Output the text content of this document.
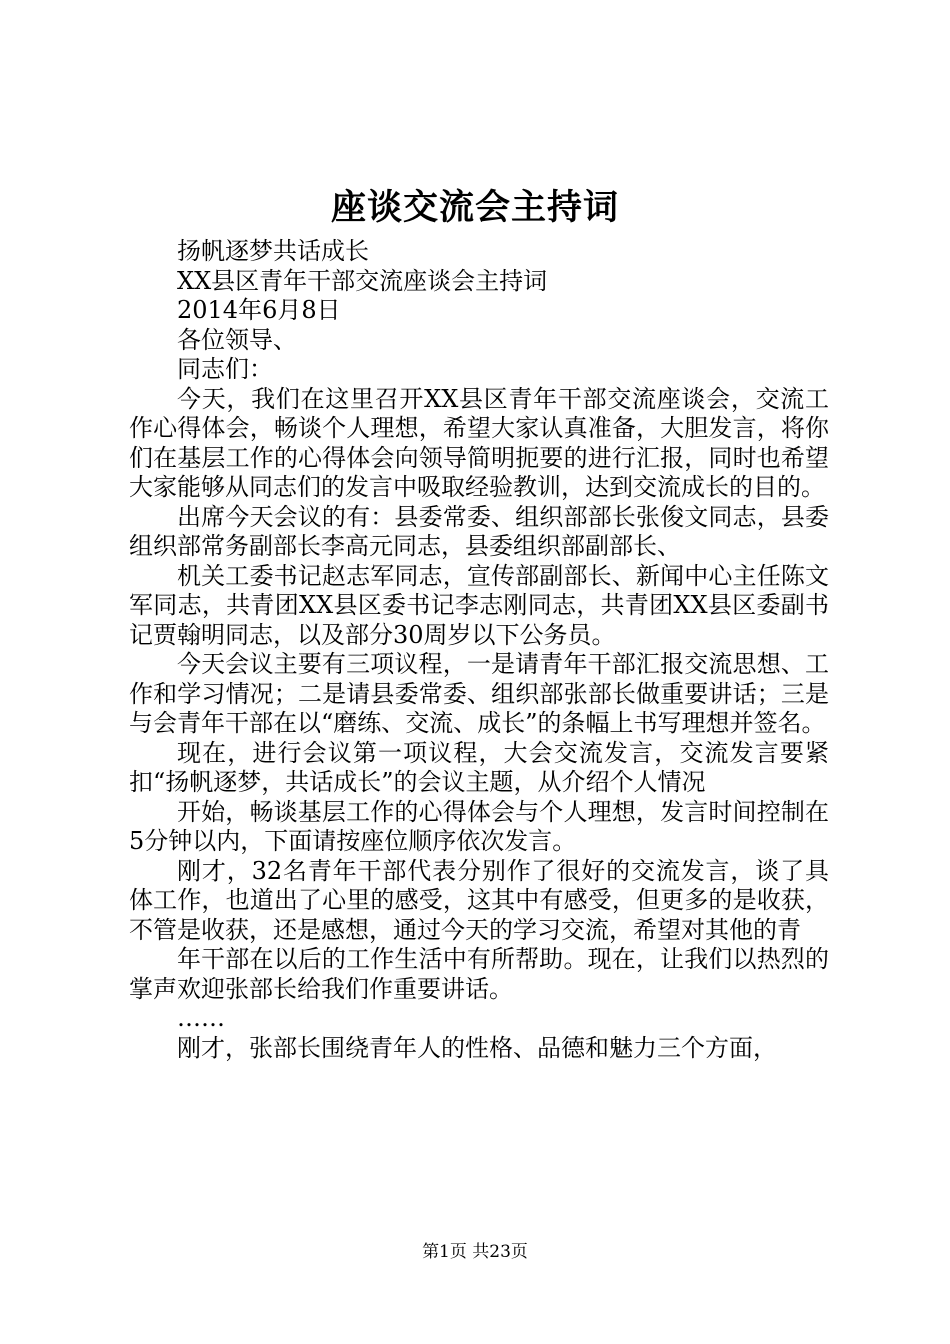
座谈交流会主持词

扬帆逐梦共话成长

XX县区青年干部交流座谈会主持词

2014年6月8日

各位领导、

同志们：

今天，我们在这里召开XX县区青年干部交流座谈会，交流工作心得体会，畅谈个人理想，希望大家认真准备，大胆发言，将你们在基层工作的心得体会向领导简明扼要的进行汇报，同时也希望大家能够从同志们的发言中吸取经验教训，达到交流成长的目的。

出席今天会议的有：县委常委、组织部部长张俊文同志，县委组织部常务副部长李高元同志，县委组织部副部长、

机关工委书记赵志军同志，宣传部副部长、新闻中心主任陈文军同志，共青团XX县区委书记李志刚同志，共青团XX县区委副书记贾翰明同志，以及部分30周岁以下公务员。

今天会议主要有三项议程，一是请青年干部汇报交流思想、工作和学习情况；二是请县委常委、组织部张部长做重要讲话；三是与会青年干部在以“磨练、交流、成长”的条幅上书写理想并签名。

现在，进行会议第一项议程，大会交流发言，交流发言要紧扣“扬帆逐梦，共话成长”的会议主题，从介绍个人情况

开始，畅谈基层工作的心得体会与个人理想，发言时间控制在5分钟以内，下面请按座位顺序依次发言。

刚才，32名青年干部代表分别作了很好的交流发言，谈了具体工作，也道出了心里的感受，这其中有感受，但更多的是收获，不管是收获，还是感想，通过今天的学习交流，希望对其他的青

年干部在以后的工作生活中有所帮助。现在，让我们以热烈的掌声欢迎张部长给我们作重要讲话。

……

刚才，张部长围绕青年人的性格、品德和魅力三个方面，

第1页 共23页
